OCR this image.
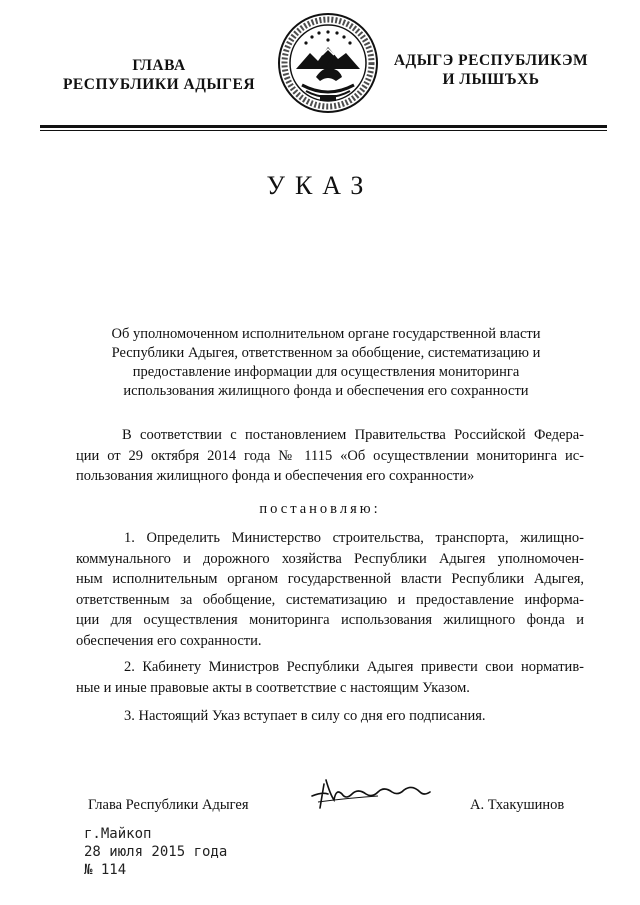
ГЛАВА
РЕСПУБЛИКИ АДЫГЕЯ
АДЫГЭ РЕСПУБЛИКЭМ
И ЛЫШЪХЬ
УКАЗ
Об уполномоченном исполнительном органе государственной власти
Республики Адыгея, ответственном за обобщение, систематизацию и
предоставление информации для осуществления мониторинга
использования жилищного фонда и обеспечения его сохранности
В соответствии с постановлением Правительства Российской Федера-
ции от 29 октября 2014 года № 1115 «Об осуществлении мониторинга ис-
пользования жилищного фонда и обеспечения его сохранности»
постановляю:
1. Определить Министерство строительства, транспорта, жилищно-
коммунального и дорожного хозяйства Республики Адыгея уполномочен-
ным исполнительным органом государственной власти Республики Адыгея,
ответственным за обобщение, систематизацию и предоставление информа-
ции для осуществления мониторинга использования жилищного фонда и
обеспечения его сохранности.
2. Кабинету Министров Республики Адыгея привести свои норматив-
ные и иные правовые акты в соответствие с настоящим Указом.
3. Настоящий Указ вступает в силу со дня его подписания.
Глава Республики Адыгея	А. Тхакушинов
г.Майкоп
28 июля 2015 года
№ 114
